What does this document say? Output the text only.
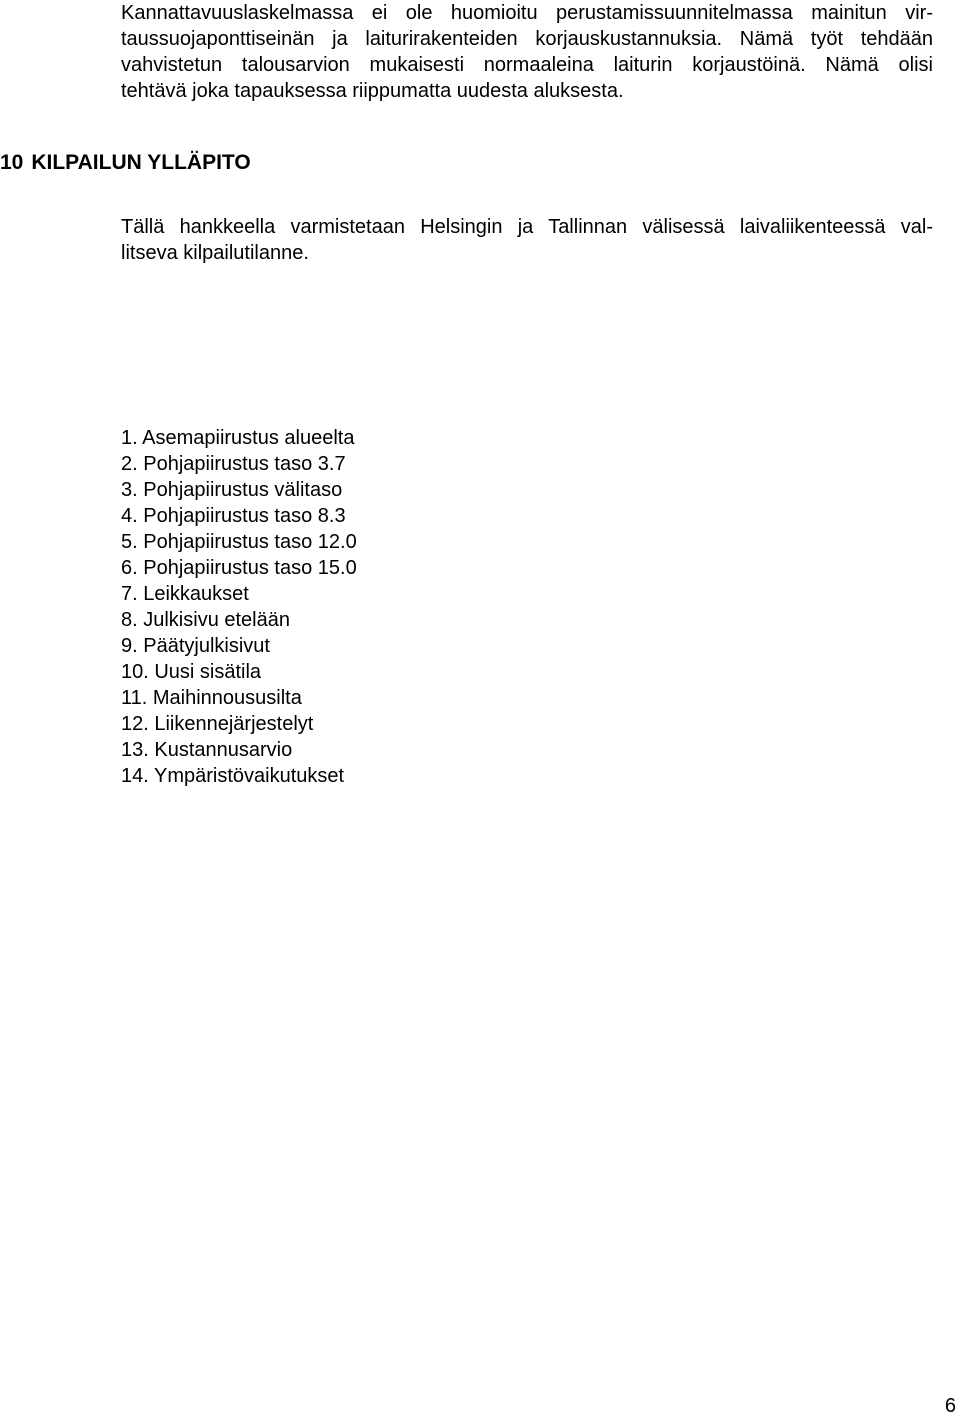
Kannattavuuslaskelmassa ei ole huomioitu perustamissuunnitelmassa mainitun vir-
taussuojaponttiseinän ja laiturirakenteiden korjauskustannuksia. Nämä työt tehdään
vahvistetun talousarvion mukaisesti normaaleina laiturin korjaustöinä. Nämä olisi
tehtävä joka tapauksessa riippumatta uudesta aluksesta.
10 KILPAILUN YLLÄPITO
Tällä hankkeella varmistetaan Helsingin ja Tallinnan välisessä laivaliikenteessä val-
litseva kilpailutilanne.
1. Asemapiirustus alueelta
2. Pohjapiirustus taso 3.7
3. Pohjapiirustus välitaso
4. Pohjapiirustus taso 8.3
5. Pohjapiirustus taso 12.0
6. Pohjapiirustus taso 15.0
7. Leikkaukset
8. Julkisivu etelään
9. Päätyjulkisivut
10. Uusi sisätila
11. Maihinnoususilta
12. Liikennejärjestelyt
13. Kustannusarvio
14. Ympäristövaikutukset
6
